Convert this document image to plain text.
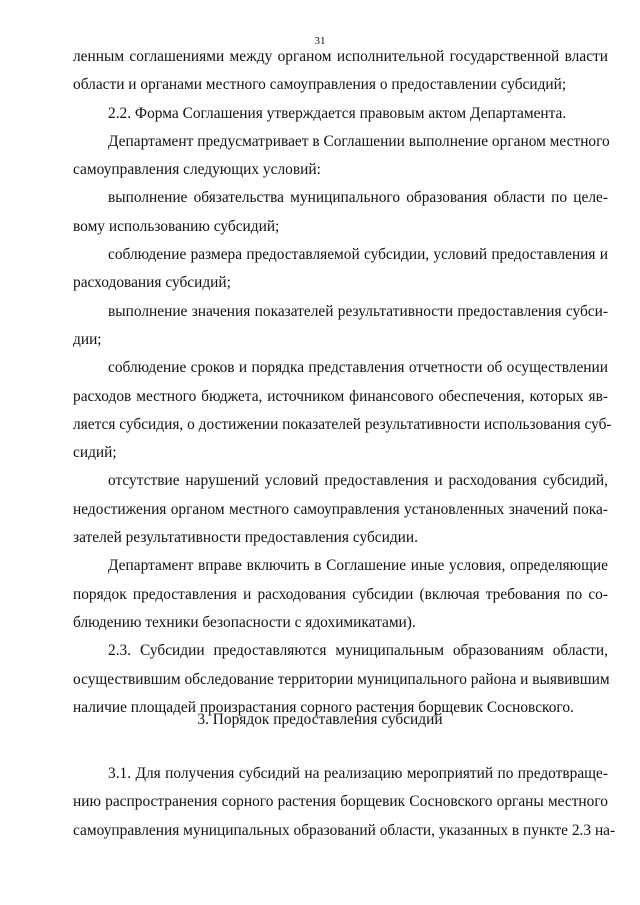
31
ленным соглашениями между органом исполнительной государственной власти
области и органами местного самоуправления о предоставлении субсидий;
2.2. Форма Соглашения утверждается правовым актом Департамента.
Департамент предусматривает в Соглашении выполнение органом местного
самоуправления следующих условий:
выполнение обязательства муниципального образования области по целе-
вому использованию субсидий;
соблюдение размера предоставляемой субсидии, условий предоставления и
расходования субсидий;
выполнение значения показателей результативности предоставления субси-
дии;
соблюдение сроков и порядка представления отчетности об осуществлении
расходов местного бюджета, источником финансового обеспечения, которых яв-
ляется субсидия, о достижении показателей результативности использования суб-
сидий;
отсутствие нарушений условий предоставления и расходования субсидий,
недостижения органом местного самоуправления установленных значений пока-
зателей результативности предоставления субсидии.
Департамент вправе включить в Соглашение иные условия, определяющие
порядок предоставления и расходования субсидии (включая требования по со-
блюдению техники безопасности с ядохимикатами).
2.3. Субсидии предоставляются муниципальным образованиям области,
осуществившим обследование территории муниципального района и выявившим
наличие площадей произрастания сорного растения борщевик Сосновского.
3. Порядок предоставления субсидий
3.1. Для получения субсидий на реализацию мероприятий по предотвраще-
нию распространения сорного растения борщевик Сосновского органы местного
самоуправления муниципальных образований области, указанных в пункте 2.3 на-
